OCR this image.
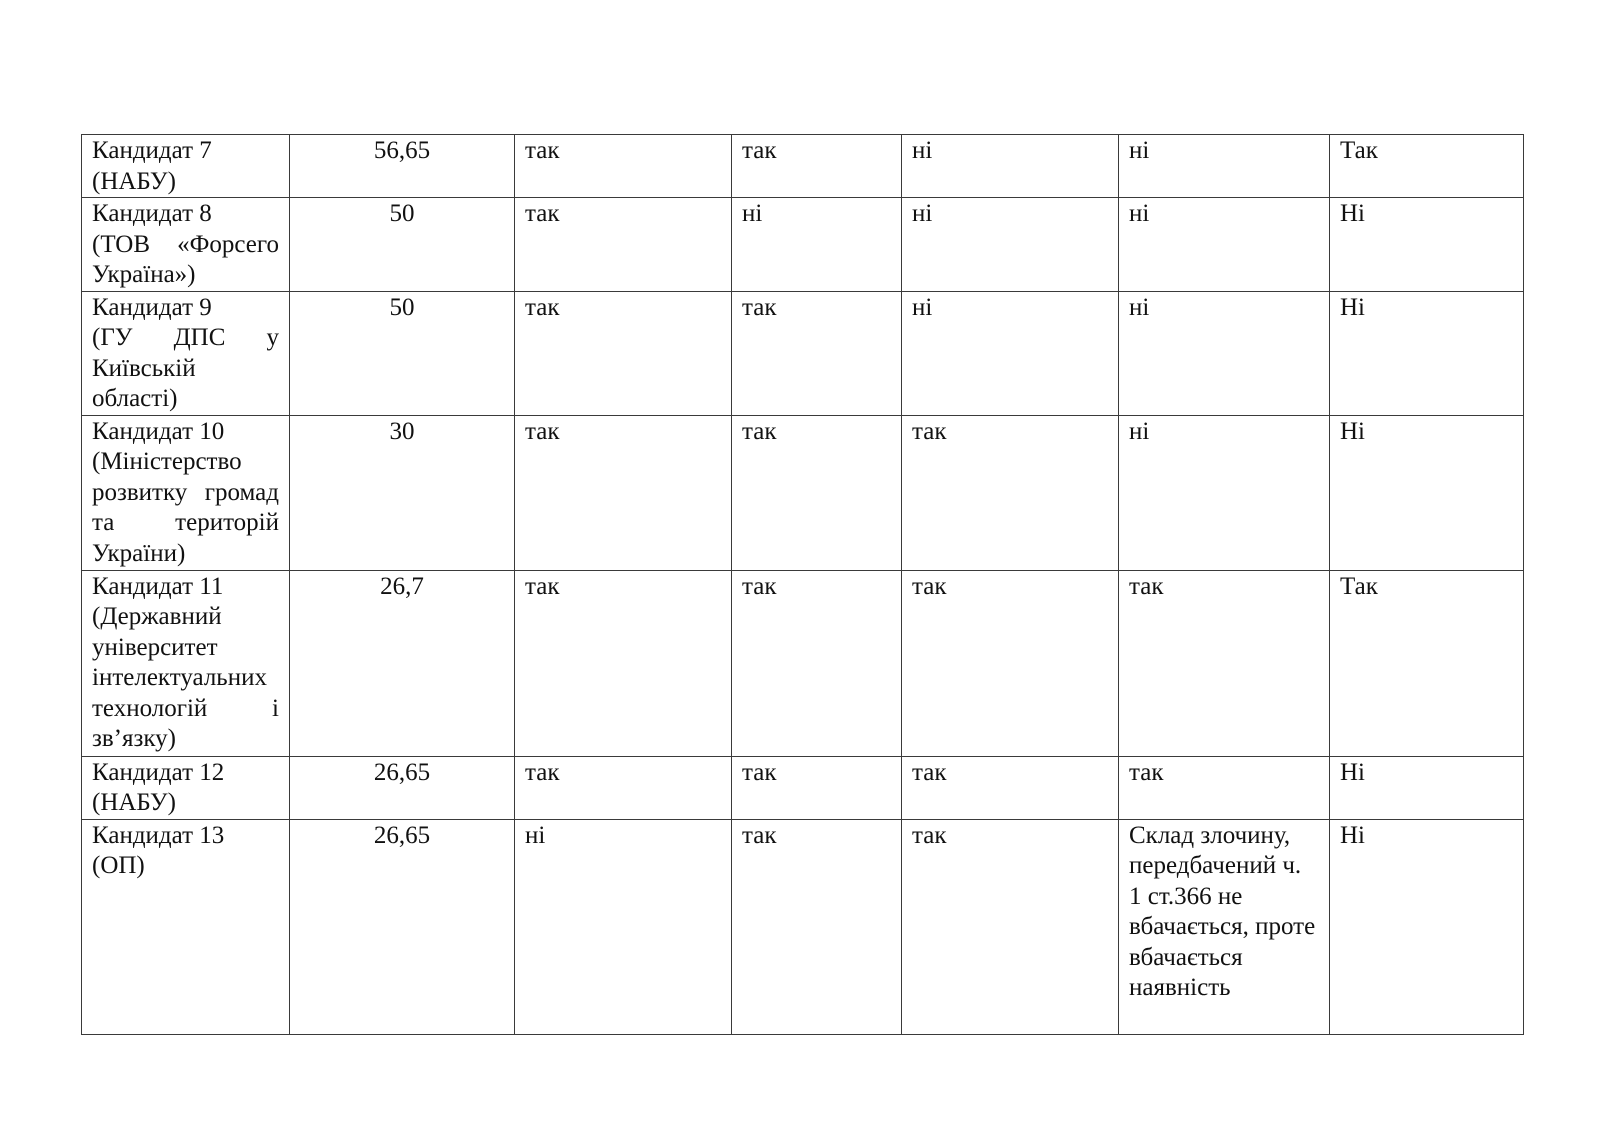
Кандидат 7
(НАБУ)	56,65	так	так	ні	ні	Так

Кандидат 8
(ТОВ «Форсего Україна»)	50	так	ні	ні	ні	Ні

Кандидат 9
(ГУ ДПС у Київській області)	50	так	так	ні	ні	Ні

Кандидат 10
(Міністерство розвитку громад та територій України)	30	так	так	так	ні	Ні

Кандидат 11
(Державний університет інтелектуальних технологій і зв’язку)	26,7	так	так	так	так	Так

Кандидат 12
(НАБУ)	26,65	так	так	так	так	Ні

Кандидат 13
(ОП)	26,65	ні	так	так	Склад злочину, передбачений ч. 1 ст.366 не вбачається, проте вбачається наявність	Ні
